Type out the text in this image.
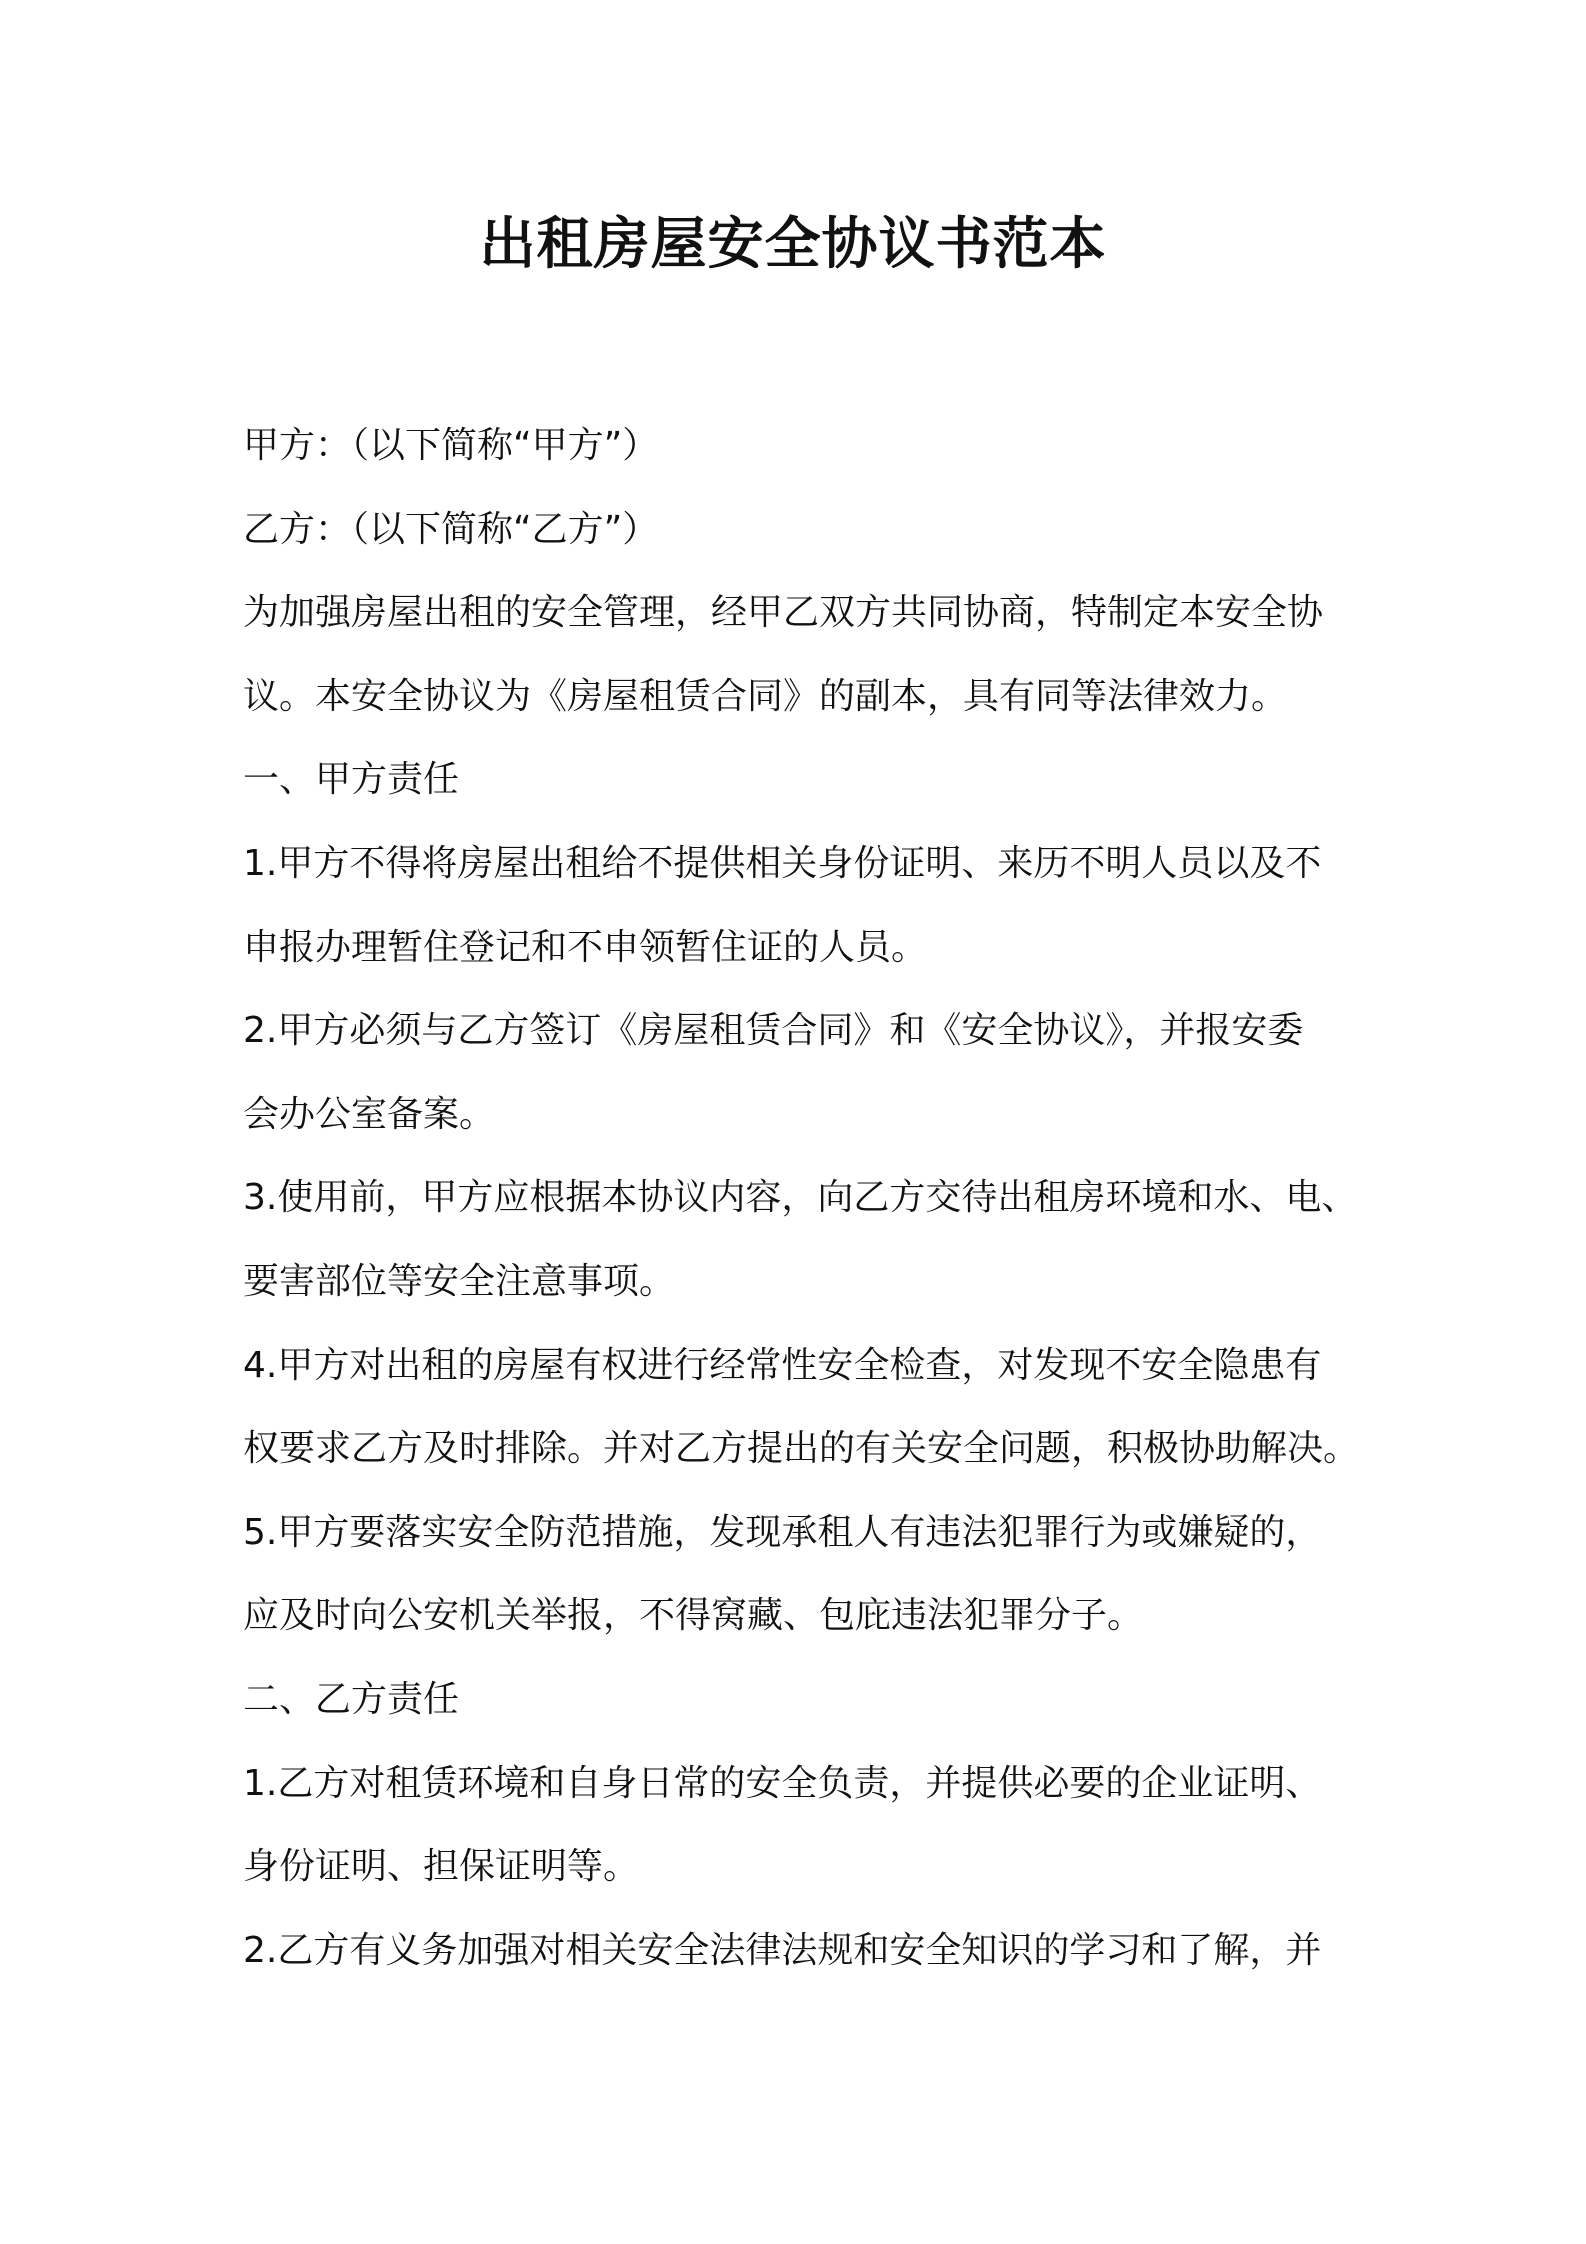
出租房屋安全协议书范本
甲方：（以下简称“甲方”）
乙方：（以下简称“乙方”）
为加强房屋出租的安全管理，经甲乙双方共同协商，特制定本安全协
议。本安全协议为《房屋租赁合同》的副本，具有同等法律效力。
一、甲方责任
1.甲方不得将房屋出租给不提供相关身份证明、来历不明人员以及不
申报办理暂住登记和不申领暂住证的人员。
2.甲方必须与乙方签订《房屋租赁合同》和《安全协议》，并报安委
会办公室备案。
3.使用前，甲方应根据本协议内容，向乙方交待出租房环境和水、电、
要害部位等安全注意事项。
4.甲方对出租的房屋有权进行经常性安全检查，对发现不安全隐患有
权要求乙方及时排除。并对乙方提出的有关安全问题，积极协助解决。
5.甲方要落实安全防范措施，发现承租人有违法犯罪行为或嫌疑的，
应及时向公安机关举报，不得窝藏、包庇违法犯罪分子。
二、乙方责任
1.乙方对租赁环境和自身日常的安全负责，并提供必要的企业证明、
身份证明、担保证明等。
2.乙方有义务加强对相关安全法律法规和安全知识的学习和了解，并
